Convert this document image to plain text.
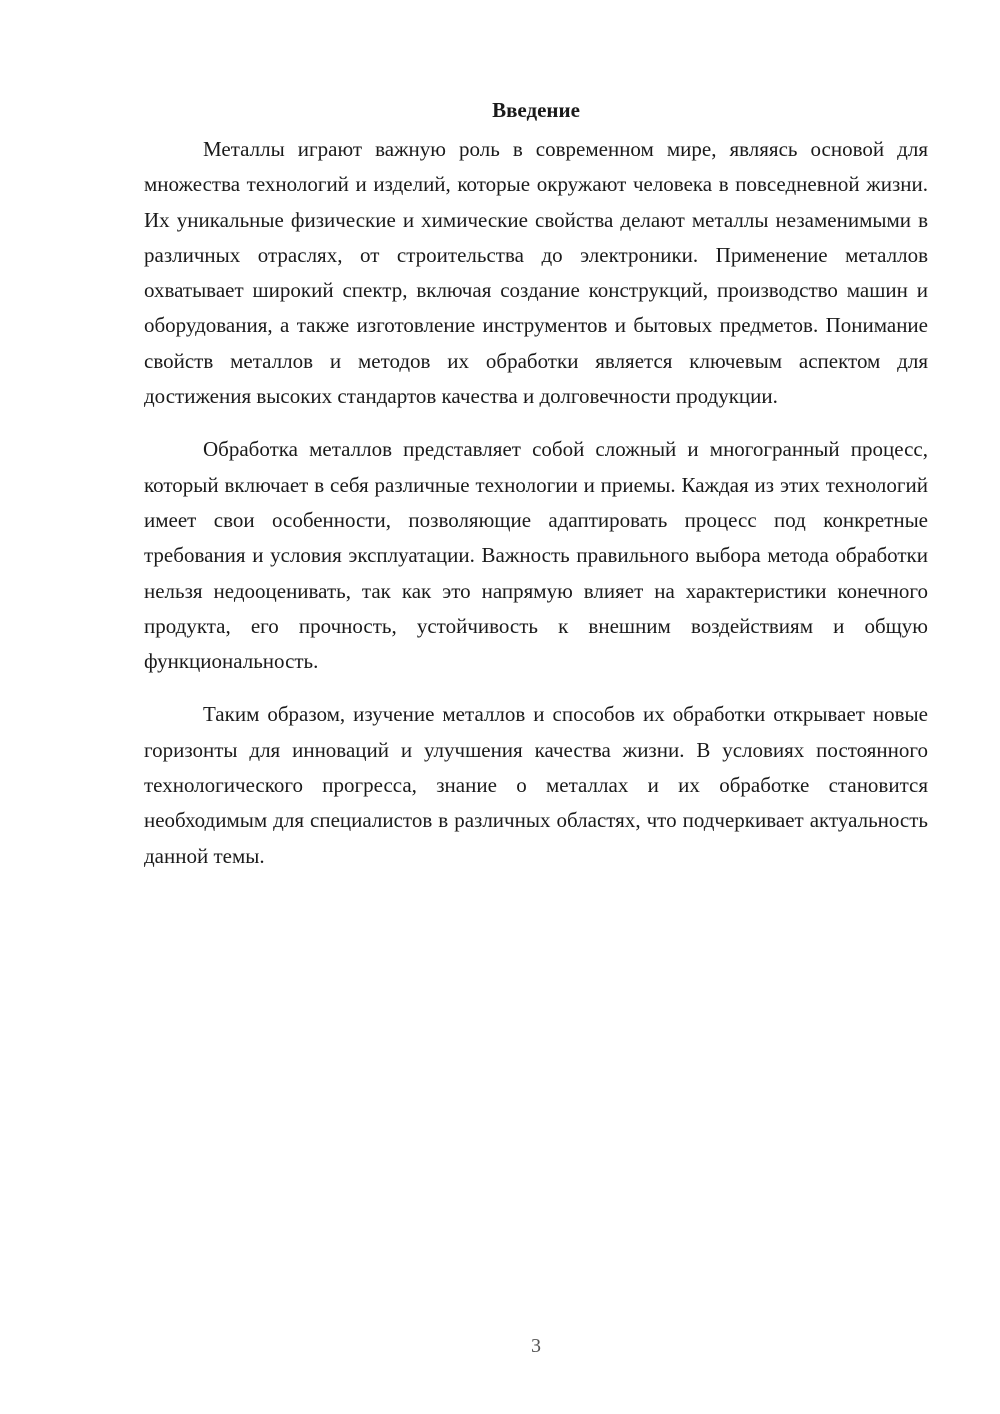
Введение

Металлы играют важную роль в современном мире, являясь основой для множества технологий и изделий, которые окружают человека в повседневной жизни. Их уникальные физические и химические свойства делают металлы незаменимыми в различных отраслях, от строительства до электроники. Применение металлов охватывает широкий спектр, включая создание конструкций, производство машин и оборудования, а также изготовление инструментов и бытовых предметов. Понимание свойств металлов и методов их обработки является ключевым аспектом для достижения высоких стандартов качества и долговечности продукции.

Обработка металлов представляет собой сложный и многогранный процесс, который включает в себя различные технологии и приемы. Каждая из этих технологий имеет свои особенности, позволяющие адаптировать процесс под конкретные требования и условия эксплуатации. Важность правильного выбора метода обработки нельзя недооценивать, так как это напрямую влияет на характеристики конечного продукта, его прочность, устойчивость к внешним воздействиям и общую функциональность.

Таким образом, изучение металлов и способов их обработки открывает новые горизонты для инноваций и улучшения качества жизни. В условиях постоянного технологического прогресса, знание о металлах и их обработке становится необходимым для специалистов в различных областях, что подчеркивает актуальность данной темы.

3
